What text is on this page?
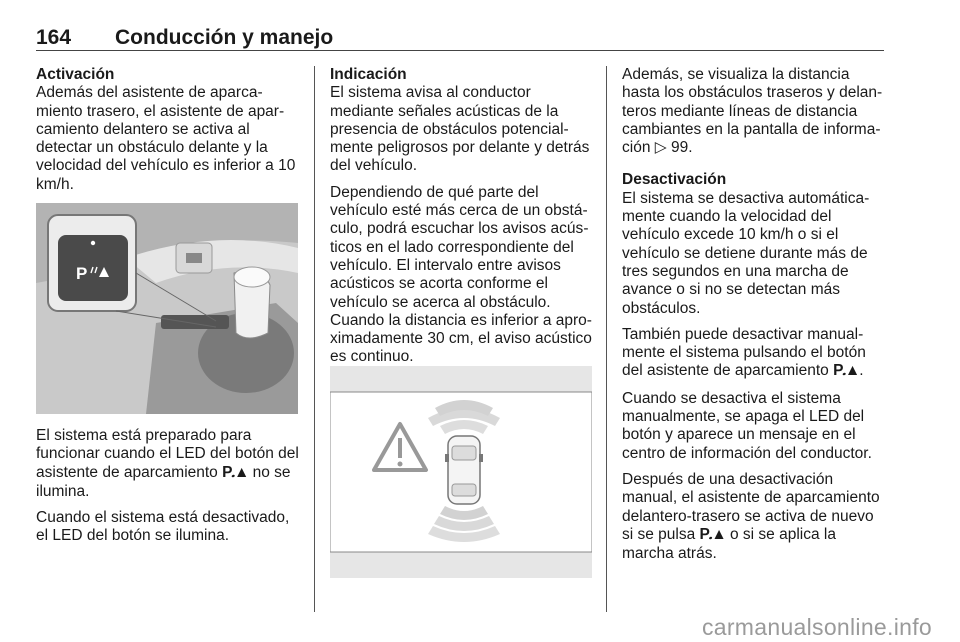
164 Conducción y manejo
Activación

Además del asistente de aparcamiento trasero, el asistente de aparcamiento delantero se activa al detectar un obstáculo delante y la velocidad del vehículo es inferior a 10 km/h.

P

El sistema está preparado para funcionar cuando el LED del botón del asistente de aparcamiento P𝅘▲ no se ilumina.

Cuando el sistema está desactivado, el LED del botón se ilumina.

Indicación

El sistema avisa al conductor mediante señales acústicas de la presencia de obstáculos potencialmente peligrosos por delante y detrás del vehículo.

Dependiendo de qué parte del vehículo esté más cerca de un obstáculo, podrá escuchar los avisos acústicos en el lado correspondiente del vehículo. El intervalo entre avisos acústicos se acorta conforme el vehículo se acerca al obstáculo. Cuando la distancia es inferior a aproximadamente 30 cm, el aviso acústico es continuo.

Además, se visualiza la distancia hasta los obstáculos traseros y delanteros mediante líneas de distancia cambiantes en la pantalla de información ▷ 99.

Desactivación

El sistema se desactiva automáticamente cuando la velocidad del vehículo excede 10 km/h o si el vehículo se detiene durante más de tres segundos en una marcha de avance o si no se detectan más obstáculos.

También puede desactivar manualmente el sistema pulsando el botón del asistente de aparcamiento P𝅘▲.

Cuando se desactiva el sistema manualmente, se apaga el LED del botón y aparece un mensaje en el centro de información del conductor.

Después de una desactivación manual, el asistente de aparcamiento delantero-trasero se activa de nuevo si se pulsa P𝅘▲ o si se aplica la marcha atrás.

carmanualsonline.info
